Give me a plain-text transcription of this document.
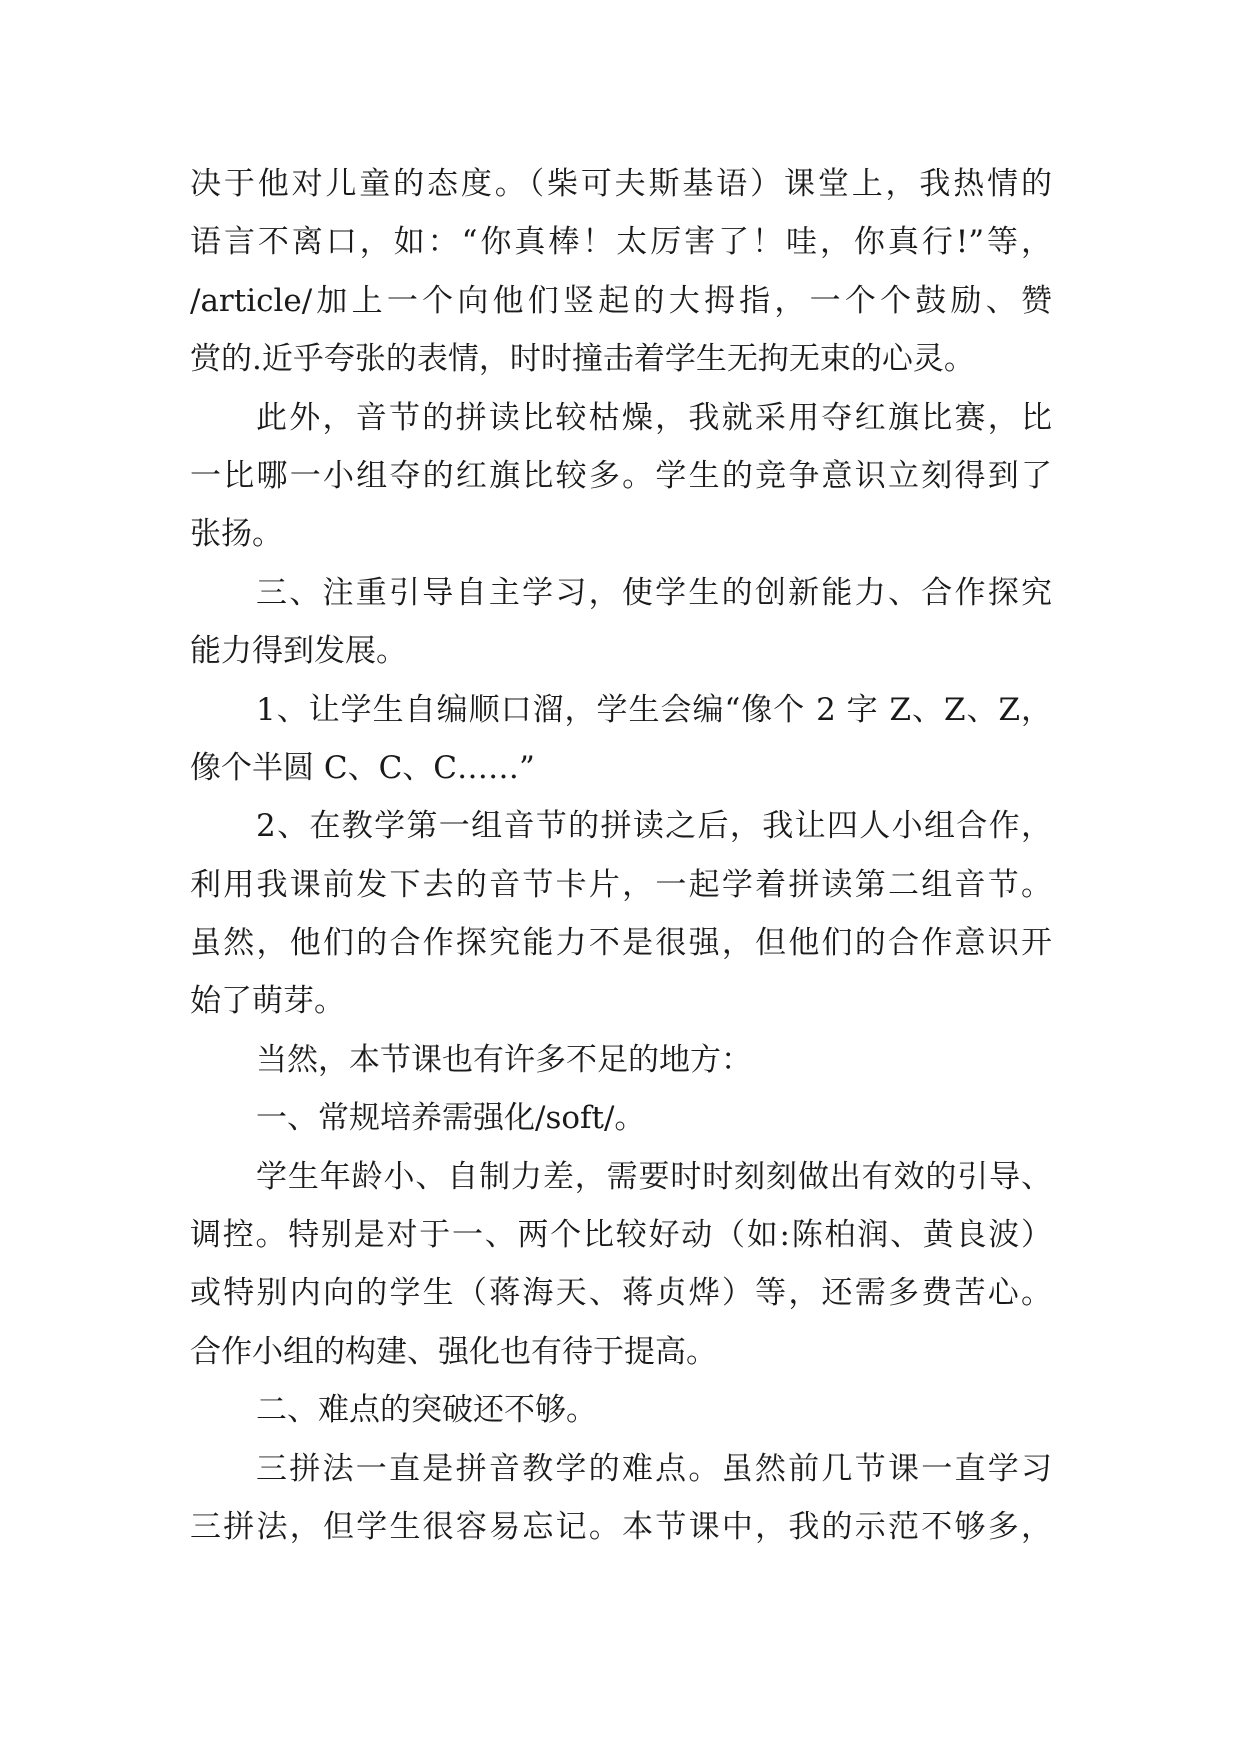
决于他对儿童的态度。（柴可夫斯基语）课堂上，我热情的
语言不离口，如：“你真棒！太厉害了！哇，你真行!”等，
/article/加上一个向他们竖起的大拇指，一个个鼓励、赞
赏的.近乎夸张的表情，时时撞击着学生无拘无束的心灵。
此外，音节的拼读比较枯燥，我就采用夺红旗比赛，比
一比哪一小组夺的红旗比较多。学生的竞争意识立刻得到了
张扬。
三、注重引导自主学习，使学生的创新能力、合作探究
能力得到发展。
1、让学生自编顺口溜，学生会编“像个 2 字 Z、Z、Z，
像个半圆 C、C、C……”
2、在教学第一组音节的拼读之后，我让四人小组合作，
利用我课前发下去的音节卡片，一起学着拼读第二组音节。
虽然，他们的合作探究能力不是很强，但他们的合作意识开
始了萌芽。
当然，本节课也有许多不足的地方：
一、常规培养需强化/soft/。
学生年龄小、自制力差，需要时时刻刻做出有效的引导、
调控。特别是对于一、两个比较好动（如:陈柏润、黄良波）
或特别内向的学生（蒋海天、蒋贞烨）等，还需多费苦心。
合作小组的构建、强化也有待于提高。
二、难点的突破还不够。
三拼法一直是拼音教学的难点。虽然前几节课一直学习
三拼法，但学生很容易忘记。本节课中，我的示范不够多，
